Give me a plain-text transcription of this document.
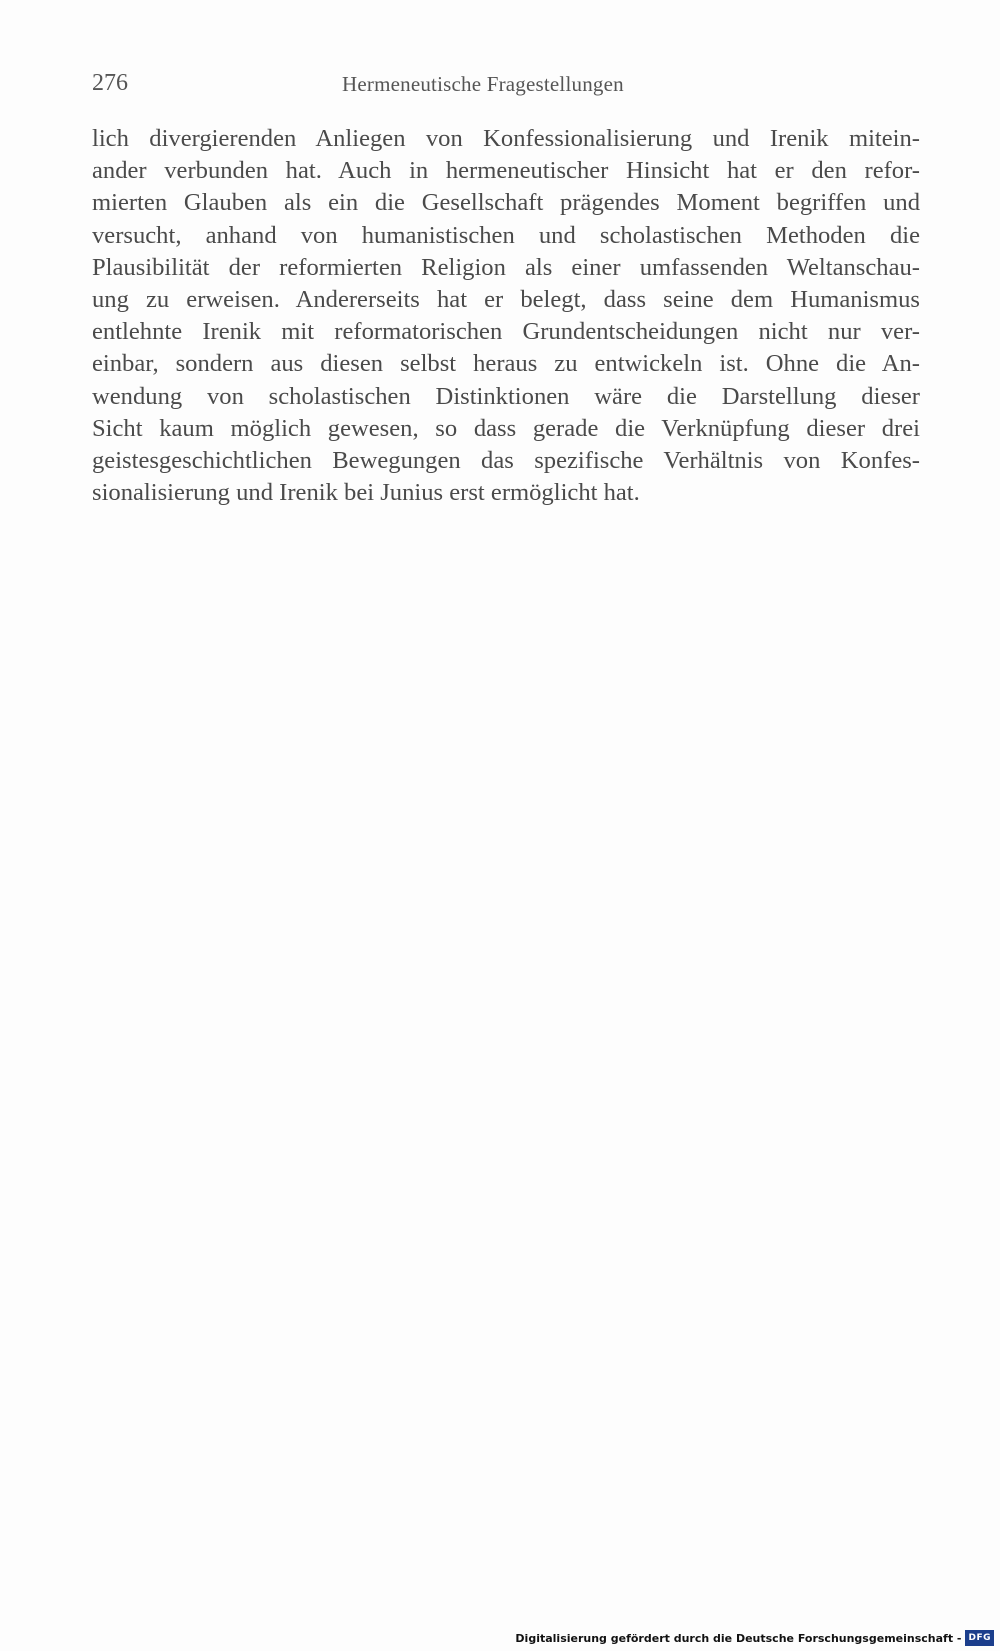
276	Hermeneutische Fragestellungen
lich divergierenden Anliegen von Konfessionalisierung und Irenik mitein-
ander verbunden hat. Auch in hermeneutischer Hinsicht hat er den refor-
mierten Glauben als ein die Gesellschaft prägendes Moment begriffen und
versucht, anhand von humanistischen und scholastischen Methoden die
Plausibilität der reformierten Religion als einer umfassenden Weltanschau-
ung zu erweisen. Andererseits hat er belegt, dass seine dem Humanismus
entlehnte Irenik mit reformatorischen Grundentscheidungen nicht nur ver-
einbar, sondern aus diesen selbst heraus zu entwickeln ist. Ohne die An-
wendung von scholastischen Distinktionen wäre die Darstellung dieser
Sicht kaum möglich gewesen, so dass gerade die Verknüpfung dieser drei
geistesgeschichtlichen Bewegungen das spezifische Verhältnis von Konfes-
sionalisierung und Irenik bei Junius erst ermöglicht hat.
Digitalisierung gefördert durch die Deutsche Forschungsgemeinschaft - DFG
